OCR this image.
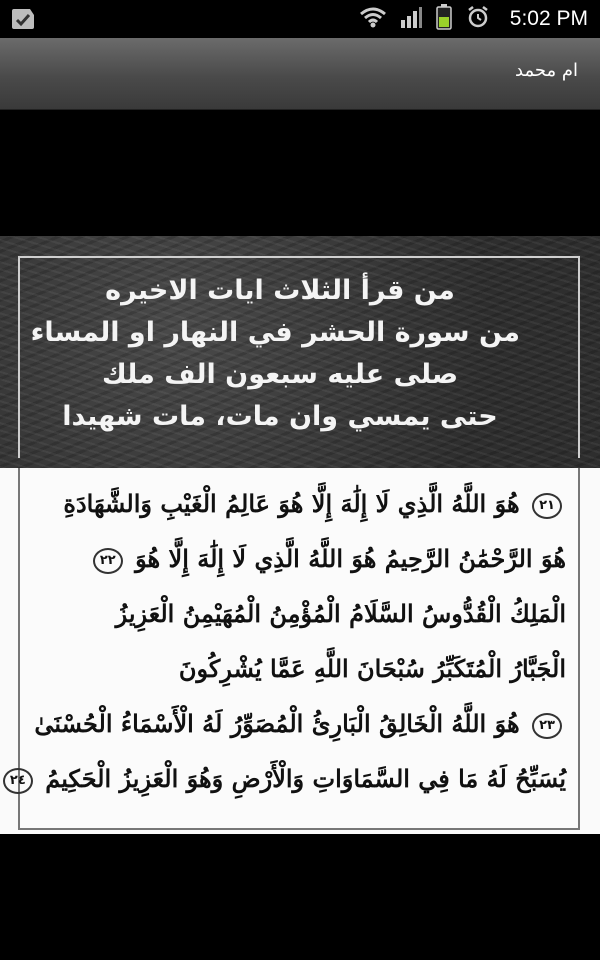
5:02 PM
ام محمد
من قرأ الثلاث ايات الاخيره
من سورة الحشر في النهار او المساء
صلى عليه سبعون الف ملك
حتى يمسي وان مات، مات شهيدا
٢١ هُوَ اللَّهُ الَّذِي لَا إِلَٰهَ إِلَّا هُوَ عَالِمُ الْغَيْبِ وَالشَّهَادَةِ
هُوَ الرَّحْمَٰنُ الرَّحِيمُ هُوَ اللَّهُ الَّذِي لَا إِلَٰهَ إِلَّا هُوَ ٢٢
الْمَلِكُ الْقُدُّوسُ السَّلَامُ الْمُؤْمِنُ الْمُهَيْمِنُ الْعَزِيزُ
الْجَبَّارُ الْمُتَكَبِّرُ سُبْحَانَ اللَّهِ عَمَّا يُشْرِكُونَ
٢٣ هُوَ اللَّهُ الْخَالِقُ الْبَارِئُ الْمُصَوِّرُ لَهُ الْأَسْمَاءُ الْحُسْنَىٰ
يُسَبِّحُ لَهُ مَا فِي السَّمَاوَاتِ وَالْأَرْضِ وَهُوَ الْعَزِيزُ الْحَكِيمُ ٢٤
